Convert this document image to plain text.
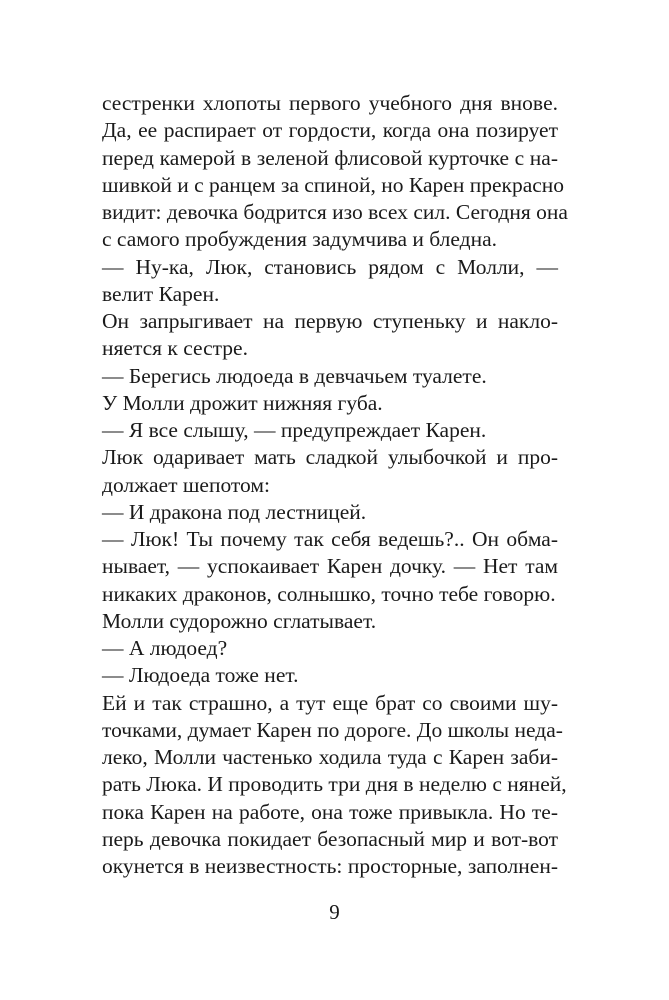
сестренки хлопоты первого учебного дня вновe.
Да, ее распирает от гордости, когда она позирует
перед камерой в зеленой флисовой курточке с на-
шивкой и с ранцем за спиной, но Карен прекрасно
видит: девочка бодрится изо всех сил. Сегодня она
с самого пробуждения задумчива и бледна.
— Ну-ка, Люк, становись рядом с Молли, —
велит Карен.
Он запрыгивает на первую ступеньку и накло-
няется к сестре.
— Берегись людоеда в девчачьем туалете.
У Молли дрожит нижняя губа.
— Я все слышу, — предупреждает Карен.
Люк одаривает мать сладкой улыбочкой и про-
должает шепотом:
— И дракона под лестницей.
— Люк! Ты почему так себя ведешь?.. Он обма-
нывает, — успокаивает Карен дочку. — Нет там
никаких драконов, солнышко, точно тебе говорю.
Молли судорожно сглатывает.
— А людоед?
— Людоеда тоже нет.
Ей и так страшно, а тут еще брат со своими шу-
точками, думает Карен по дороге. До школы неда-
леко, Молли частенько ходила туда с Карен заби-
рать Люка. И проводить три дня в неделю с няней,
пока Карен на работе, она тоже привыкла. Но те-
перь девочка покидает безопасный мир и вот-вот
окунется в неизвестность: просторные, заполнен-
9
